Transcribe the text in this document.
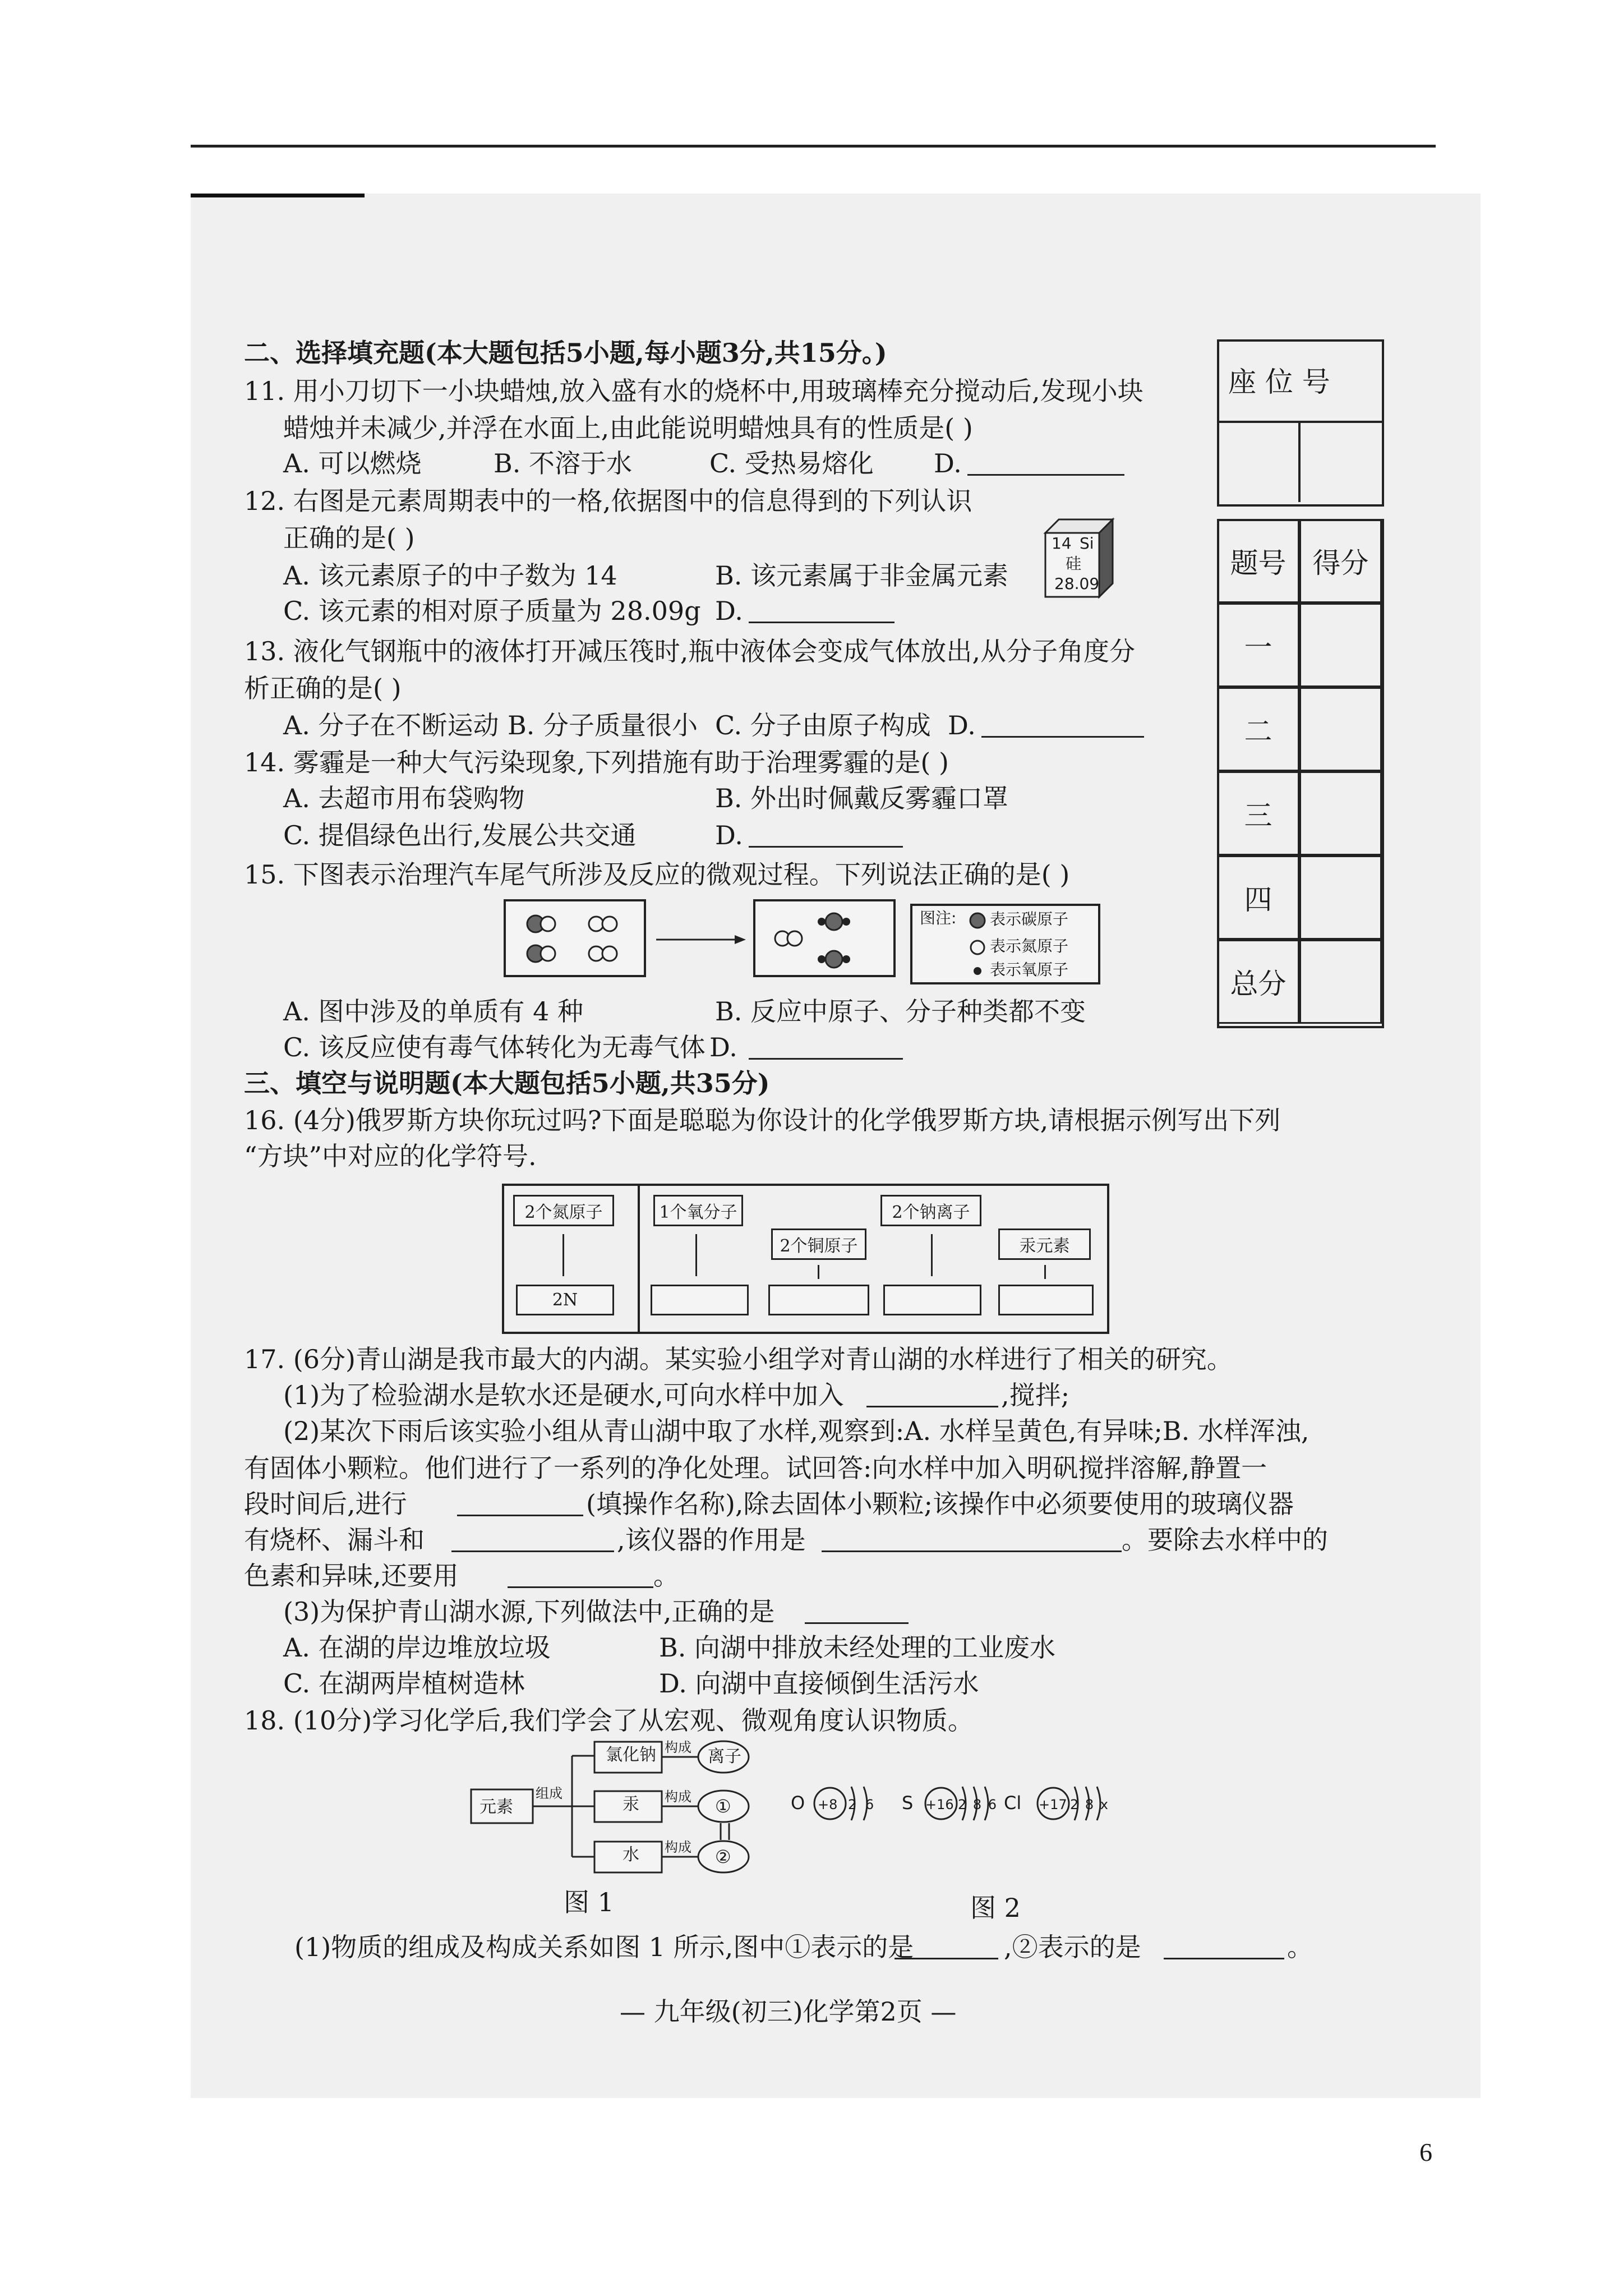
二、选择填充题(本大题包括5小题,每小题3分,共15分。)
11. 用小刀切下一小块蜡烛,放入盛有水的烧杯中,用玻璃棒充分搅动后,发现小块
蜡烛并未减少,并浮在水面上,由此能说明蜡烛具有的性质是( )
A. 可以燃烧	B. 不溶于水	C. 受热易熔化 D.
12. 右图是元素周期表中的一格,依据图中的信息得到的下列认识
正确的是( )
A. 该元素原子的中子数为 14	B. 该元素属于非金属元素
C. 该元素的相对原子质量为 28.09g D.
14 Si
硅
28.09
13. 液化气钢瓶中的液体打开减压筏时,瓶中液体会变成气体放出,从分子角度分
析正确的是( )
A. 分子在不断运动 B. 分子质量很小 C. 分子由原子构成 D.
14. 雾霾是一种大气污染现象,下列措施有助于治理雾霾的是( )
A. 去超市用布袋购物	B. 外出时佩戴反雾霾口罩
C. 提倡绿色出行,发展公共交通	D.
15. 下图表示治理汽车尾气所涉及反应的微观过程。下列说法正确的是( )
图注: 表示碳原子
表示氮原子
表示氧原子
A. 图中涉及的单质有 4 种	B. 反应中原子、分子种类都不变
C. 该反应使有毒气体转化为无毒气体 D.
座 位 号
题号 得分
一
二
三
四
总分
三、填空与说明题(本大题包括5小题,共35分)
16. (4分)俄罗斯方块你玩过吗?下面是聪聪为你设计的化学俄罗斯方块,请根据示例写出下列
“方块”中对应的化学符号.
2个氮原子
2N
1个氧分子
2个铜原子
2个钠离子
汞元素
17. (6分)青山湖是我市最大的内湖。某实验小组学对青山湖的水样进行了相关的研究。
(1)为了检验湖水是软水还是硬水,可向水样中加入	,搅拌;
(2)某次下雨后该实验小组从青山湖中取了水样,观察到:A. 水样呈黄色,有异味;B. 水样浑浊,
有固体小颗粒。他们进行了一系列的净化处理。试回答:向水样中加入明矾搅拌溶解,静置一
段时间后,进行	(填操作名称),除去固体小颗粒;该操作中必须要使用的玻璃仪器
有烧杯、漏斗和	,该仪器的作用是	。要除去水样中的
色素和异味,还要用	。
(3)为保护青山湖水源,下列做法中,正确的是
A. 在湖的岸边堆放垃圾	B. 向湖中排放未经处理的工业废水
C. 在湖两岸植树造林	D. 向湖中直接倾倒生活污水
18. (10分)学习化学后,我们学会了从宏观、微观角度认识物质。
元素
组成
氯化钠
汞
水
构成
构成
构成
离子
①
②
图 1
O +8 2 6 S +16 2 8 6 Cl +17 2 8 x
图 2
(1)物质的组成及构成关系如图 1 所示,图中①表示的是	,②表示的是	。
— 九年级(初三)化学第2页 —
6
